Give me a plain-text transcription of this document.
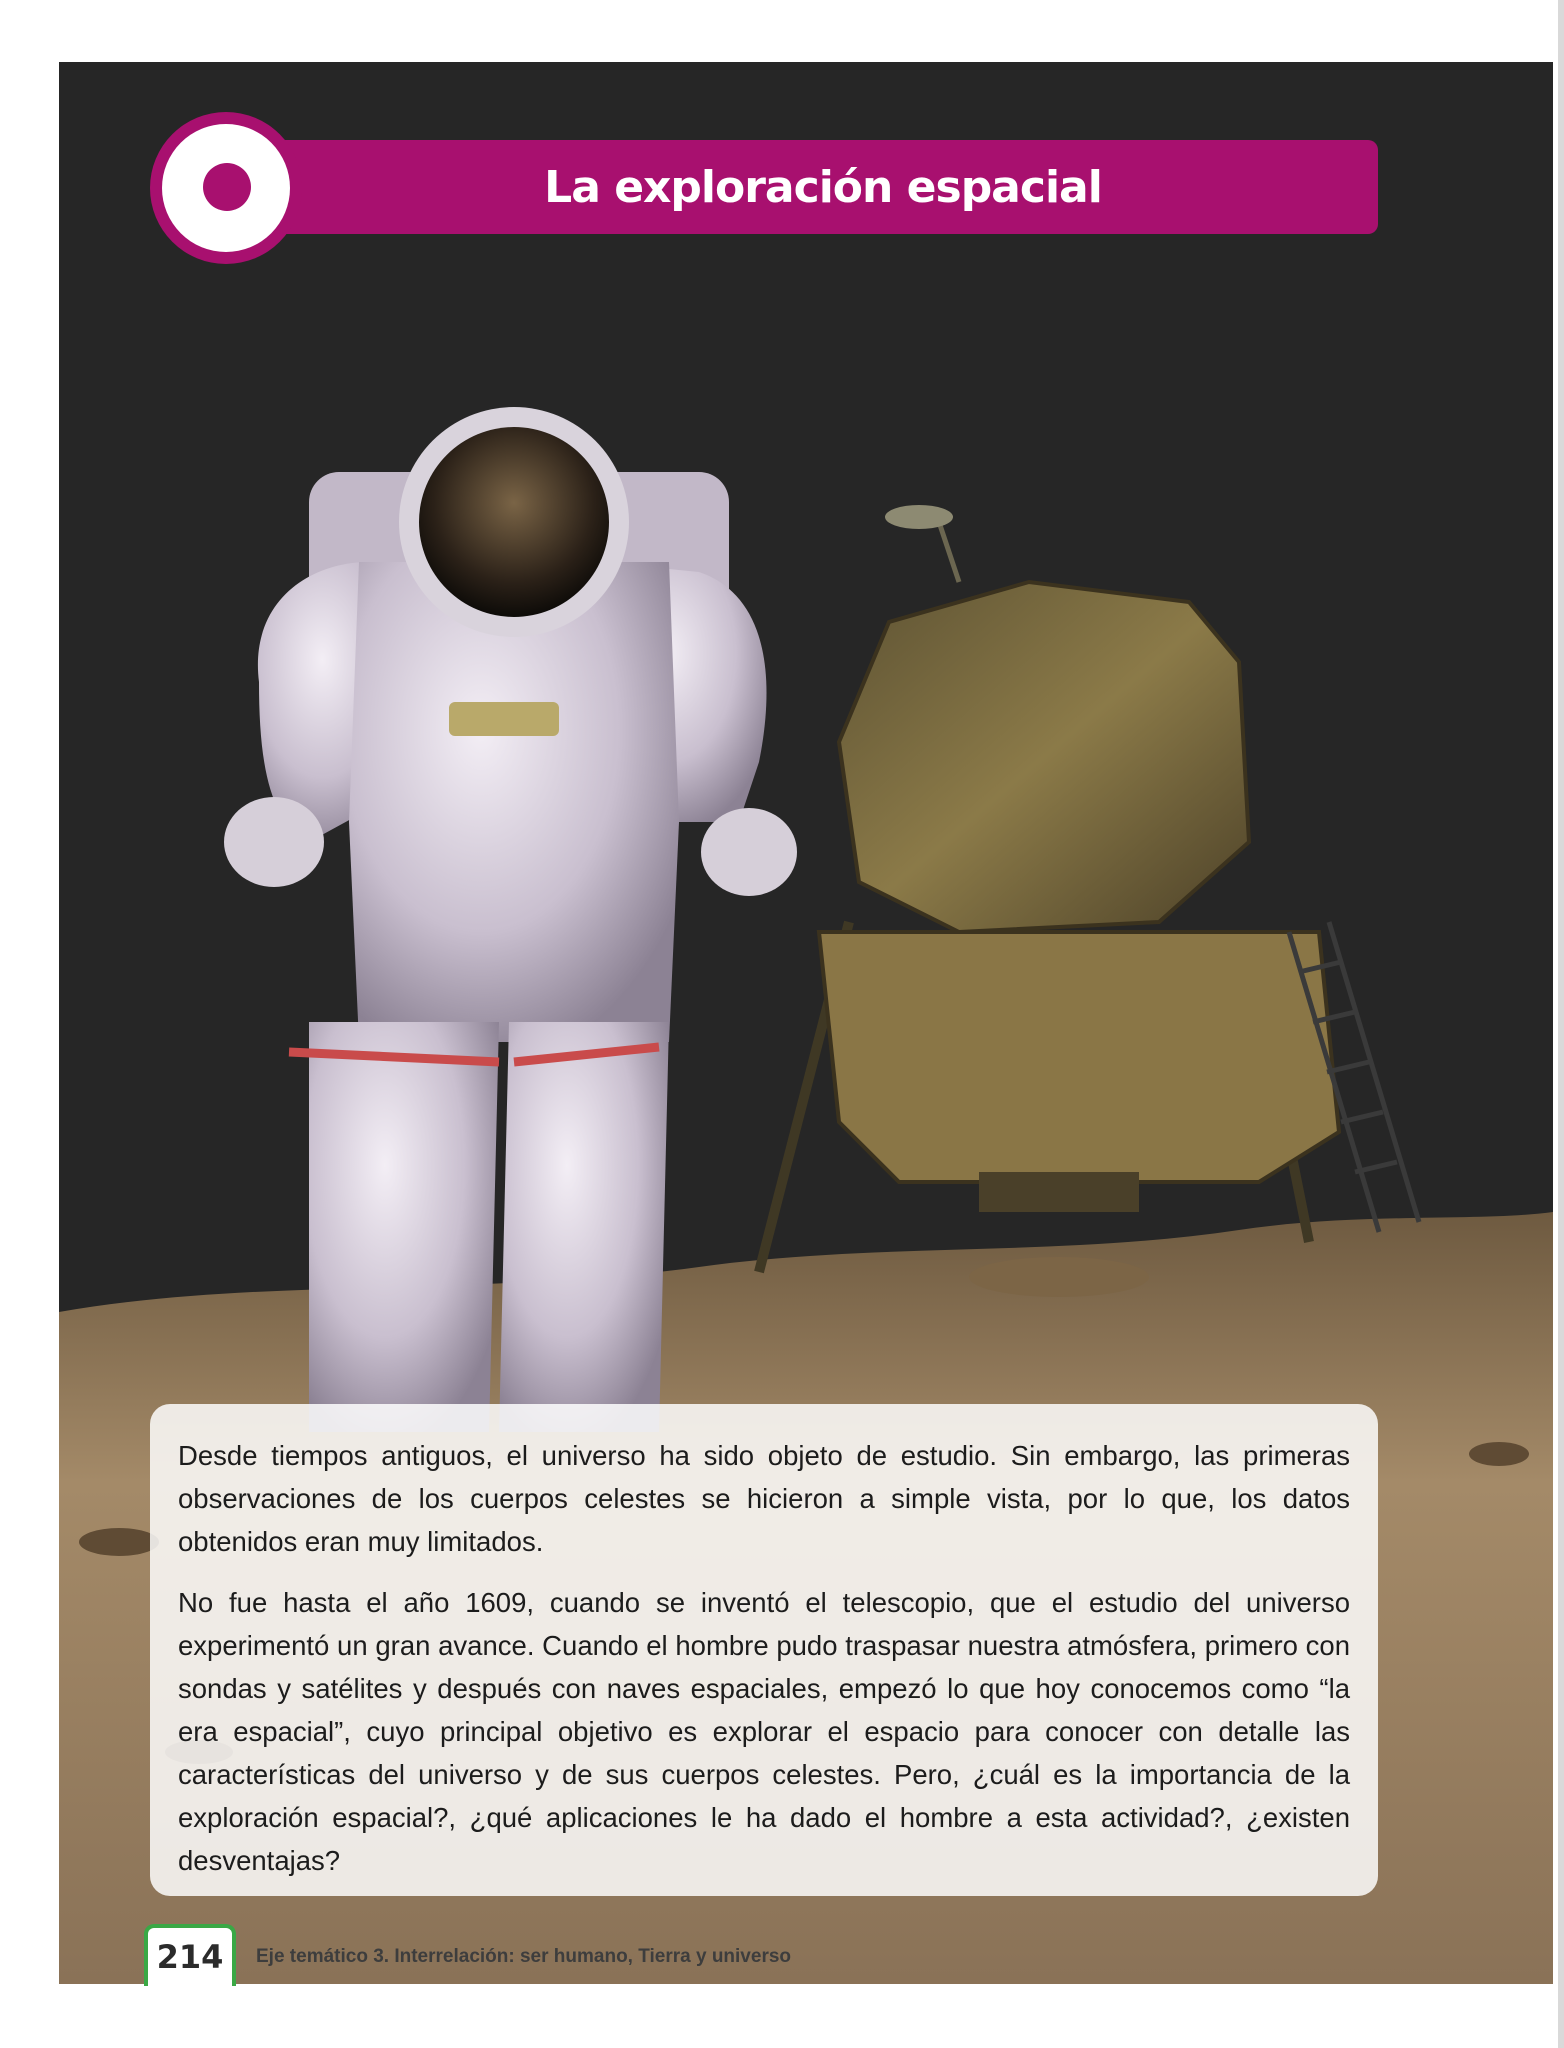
La exploración espacial

Desde tiempos antiguos, el universo ha sido objeto de estudio. Sin embargo, las primeras observaciones de los cuerpos celestes se hicieron a simple vista, por lo que, los datos obtenidos eran muy limitados.

No fue hasta el año 1609, cuando se inventó el telescopio, que el estudio del universo experimentó un gran avance. Cuando el hombre pudo traspasar nuestra atmósfera, primero con sondas y satélites y después con naves espaciales, empezó lo que hoy conocemos como “la era espacial”, cuyo principal objetivo es explorar el espacio para conocer con detalle las características del universo y de sus cuerpos celestes. Pero, ¿cuál es la importancia de la exploración espacial?, ¿qué aplicaciones le ha dado el hombre a esta actividad?, ¿existen desventajas?

214	Eje temático 3. Interrelación: ser humano, Tierra y universo
